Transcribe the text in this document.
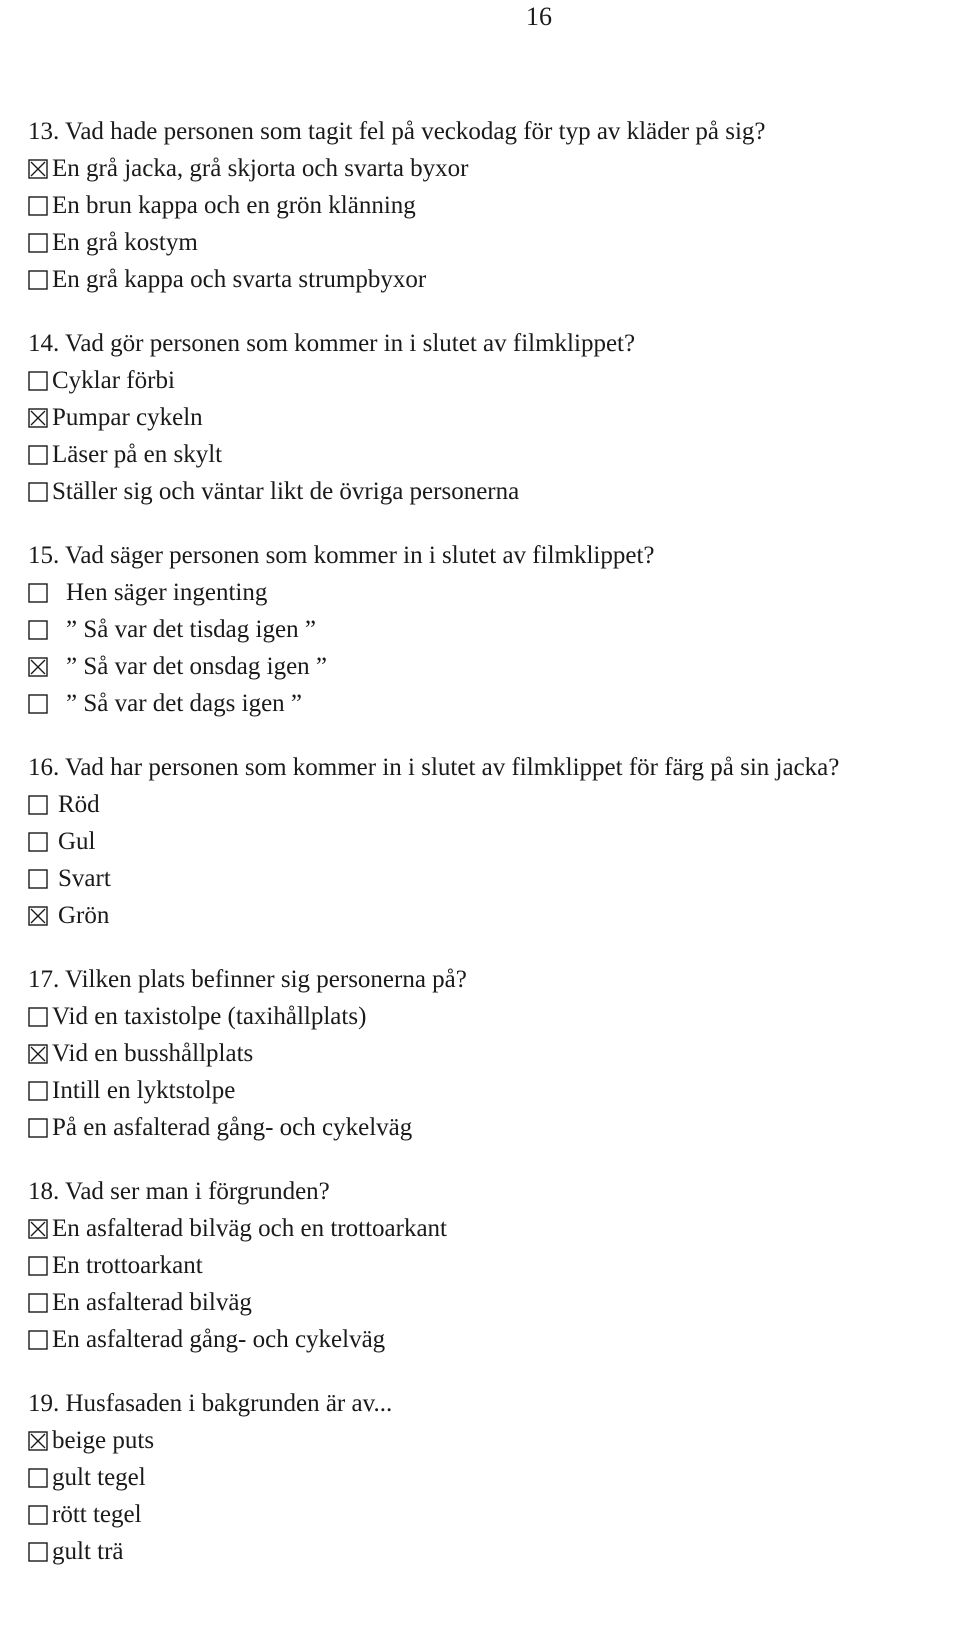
16
13. Vad hade personen som tagit fel på veckodag för typ av kläder på sig?
En grå jacka, grå skjorta och svarta byxor
En brun kappa och en grön klänning
En grå kostym
En grå kappa och svarta strumpbyxor
14. Vad gör personen som kommer in i slutet av filmklippet?
Cyklar förbi
Pumpar cykeln
Läser på en skylt
Ställer sig och väntar likt de övriga personerna
15. Vad säger personen som kommer in i slutet av filmklippet?
Hen säger ingenting
” Så var det tisdag igen ”
” Så var det onsdag igen ”
” Så var det dags igen ”
16. Vad har personen som kommer in i slutet av filmklippet för färg på sin jacka?
Röd
Gul
Svart
Grön
17. Vilken plats befinner sig personerna på?
Vid en taxistolpe (taxihållplats)
Vid en busshållplats
Intill en lyktstolpe
På en asfalterad gång- och cykelväg
18. Vad ser man i förgrunden?
En asfalterad bilväg och en trottoarkant
En trottoarkant
En asfalterad bilväg
En asfalterad gång- och cykelväg
19. Husfasaden i bakgrunden är av...
beige puts
gult tegel
rött tegel
gult trä
